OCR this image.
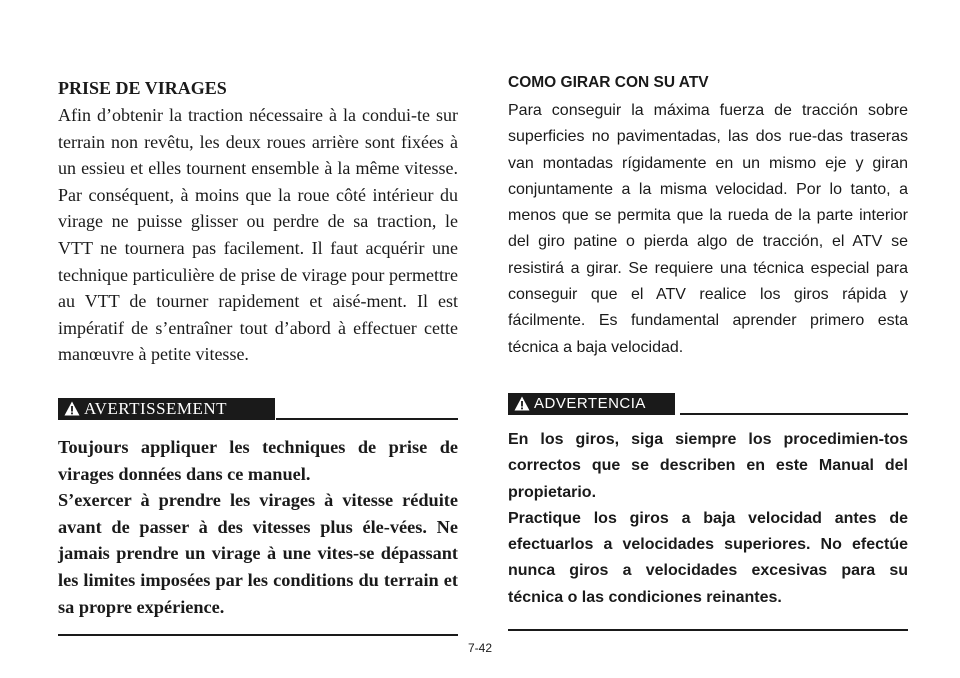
PRISE DE VIRAGES

Afin d’obtenir la traction nécessaire à la condui-te sur terrain non revêtu, les deux roues arrière sont fixées à un essieu et elles tournent ensemble à la même vitesse. Par conséquent, à moins que la roue côté intérieur du virage ne puisse glisser ou perdre de sa traction, le VTT ne tournera pas facilement. Il faut acquérir une technique particulière de prise de virage pour permettre au VTT de tourner rapidement et aisé-ment. Il est impératif de s’entraîner tout d’abord à effectuer cette manœuvre à petite vitesse.

AVERTISSEMENT

Toujours appliquer les techniques de prise de virages données dans ce manuel.

S’exercer à prendre les virages à vitesse réduite avant de passer à des vitesses plus éle-vées. Ne jamais prendre un virage à une vites-se dépassant les limites imposées par les conditions du terrain et sa propre expérience.

COMO GIRAR CON SU ATV

Para conseguir la máxima fuerza de tracción sobre superficies no pavimentadas, las dos rue-das traseras van montadas rígidamente en un mismo eje y giran conjuntamente a la misma velocidad. Por lo tanto, a menos que se permita que la rueda de la parte interior del giro patine o pierda algo de tracción, el ATV se resistirá a girar. Se requiere una técnica especial para conseguir que el ATV realice los giros rápida y fácilmente. Es fundamental aprender primero esta técnica a baja velocidad.

ADVERTENCIA

En los giros, siga siempre los procedimien-tos correctos que se describen en este Manual del propietario.

Practique los giros a baja velocidad antes de efectuarlos a velocidades superiores. No efectúe nunca giros a velocidades excesivas para su técnica o las condiciones reinantes.

7-42
